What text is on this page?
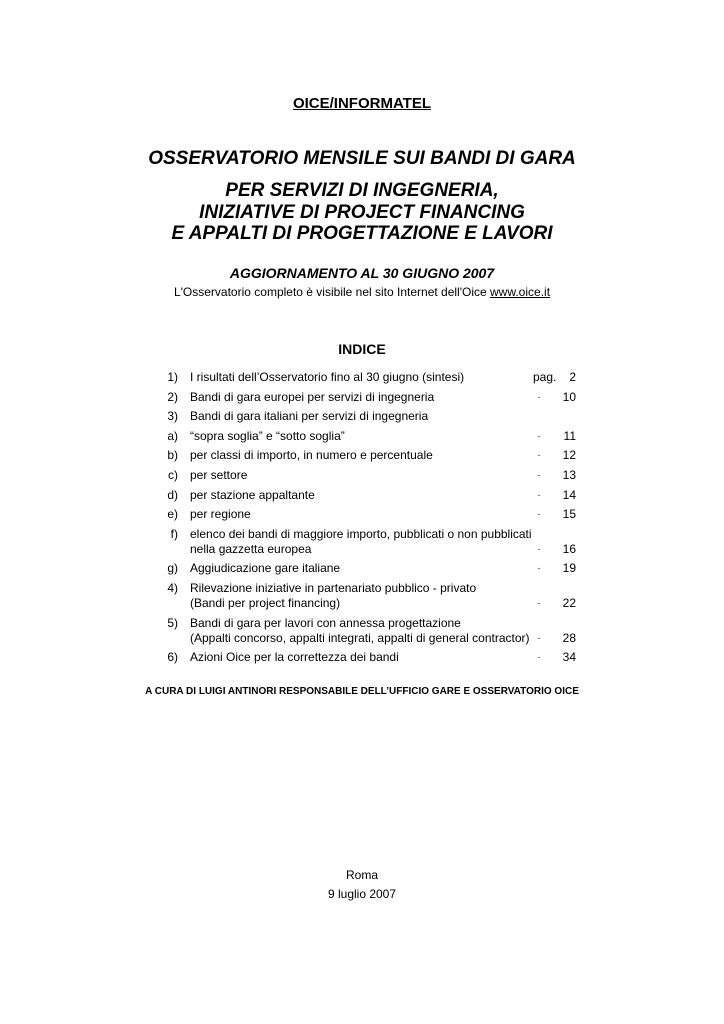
OICE/INFORMATEL
OSSERVATORIO MENSILE SUI BANDI DI GARA
PER SERVIZI DI INGEGNERIA,
INIZIATIVE DI PROJECT FINANCING
E APPALTI DI PROGETTAZIONE E LAVORI
AGGIORNAMENTO AL 30 GIUGNO 2007
L'Osservatorio completo è visibile nel sito Internet dell'Oice www.oice.it
INDICE
1) I risultati dell’Osservatorio fino al 30 giugno (sintesi)	pag.	2
2) Bandi di gara europei per servizi di ingegneria	- 10
3) Bandi di gara italiani per servizi di ingegneria
a) “sopra soglia” e “sotto soglia”	- 11
b) per classi di importo, in numero e percentuale	- 12
c) per settore	- 13
d) per stazione appaltante	- 14
e) per regione	- 15
f) elenco dei bandi di maggiore importo, pubblicati o non pubblicati
nella gazzetta europea	- 16
g) Aggiudicazione gare italiane	- 19
4) Rilevazione iniziative in partenariato pubblico - privato
(Bandi per project financing)	- 22
5) Bandi di gara per lavori con annessa progettazione
(Appalti concorso, appalti integrati, appalti di general contractor) - 28
6) Azioni Oice per la correttezza dei bandi	- 34
A CURA DI LUIGI ANTINORI RESPONSABILE DELL’UFFICIO GARE E OSSERVATORIO OICE
Roma
9 luglio 2007
